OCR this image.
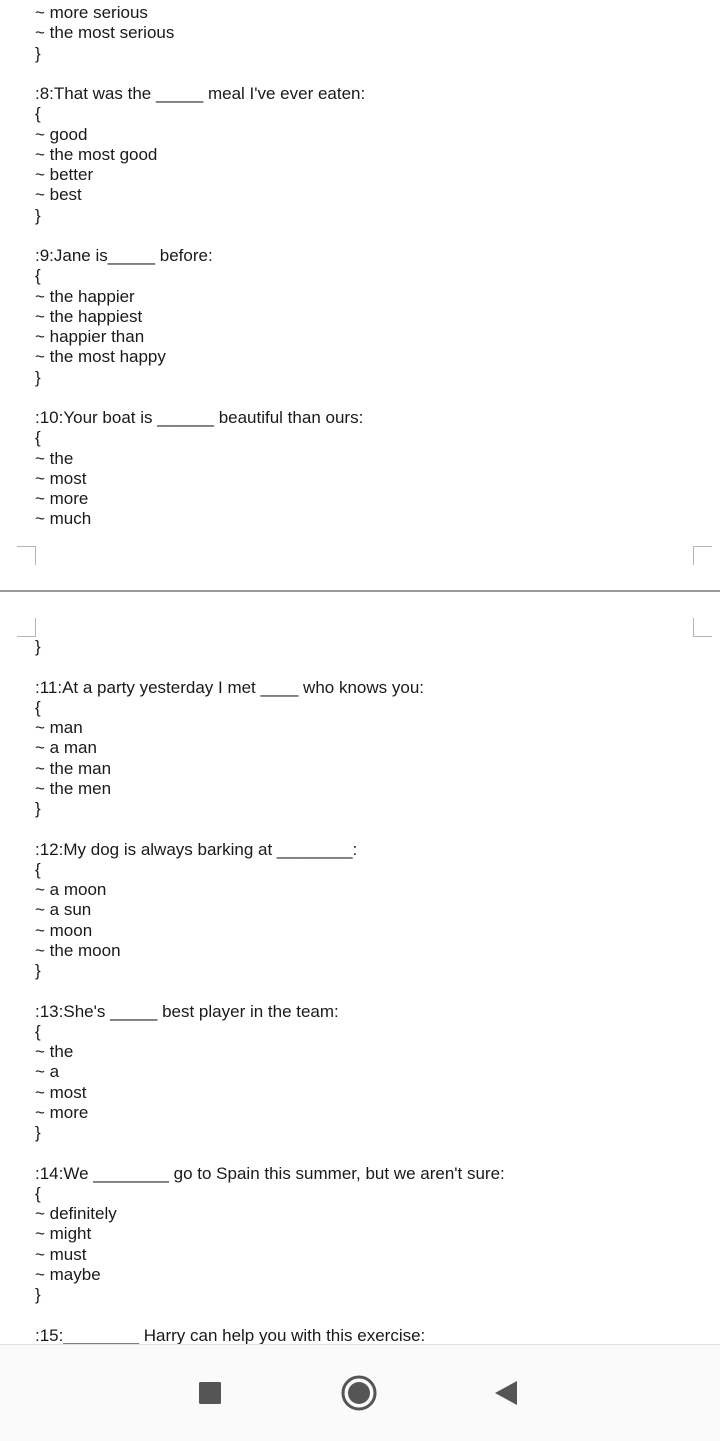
~ more serious
~ the most serious
}
:8:That was the _____ meal I've ever eaten:
{
~ good
~ the most good
~ better
~ best
}
:9:Jane is_____ before:
{
~ the happier
~ the happiest
~ happier than
~ the most happy
}
:10:Your boat is ______ beautiful than ours:
{
~ the
~ most
~ more
~ much
}
:11:At a party yesterday I met ____ who knows you:
{
~ man
~ a man
~ the man
~ the men
}
:12:My dog is always barking at ________:
{
~ a moon
~ a sun
~ moon
~ the moon
}
:13:She's _____ best player in the team:
{
~ the
~ a
~ most
~ more
}
:14:We ________ go to Spain this summer, but we aren't sure:
{
~ definitely
~ might
~ must
~ maybe
}
:15:________ Harry can help you with this exercise:
